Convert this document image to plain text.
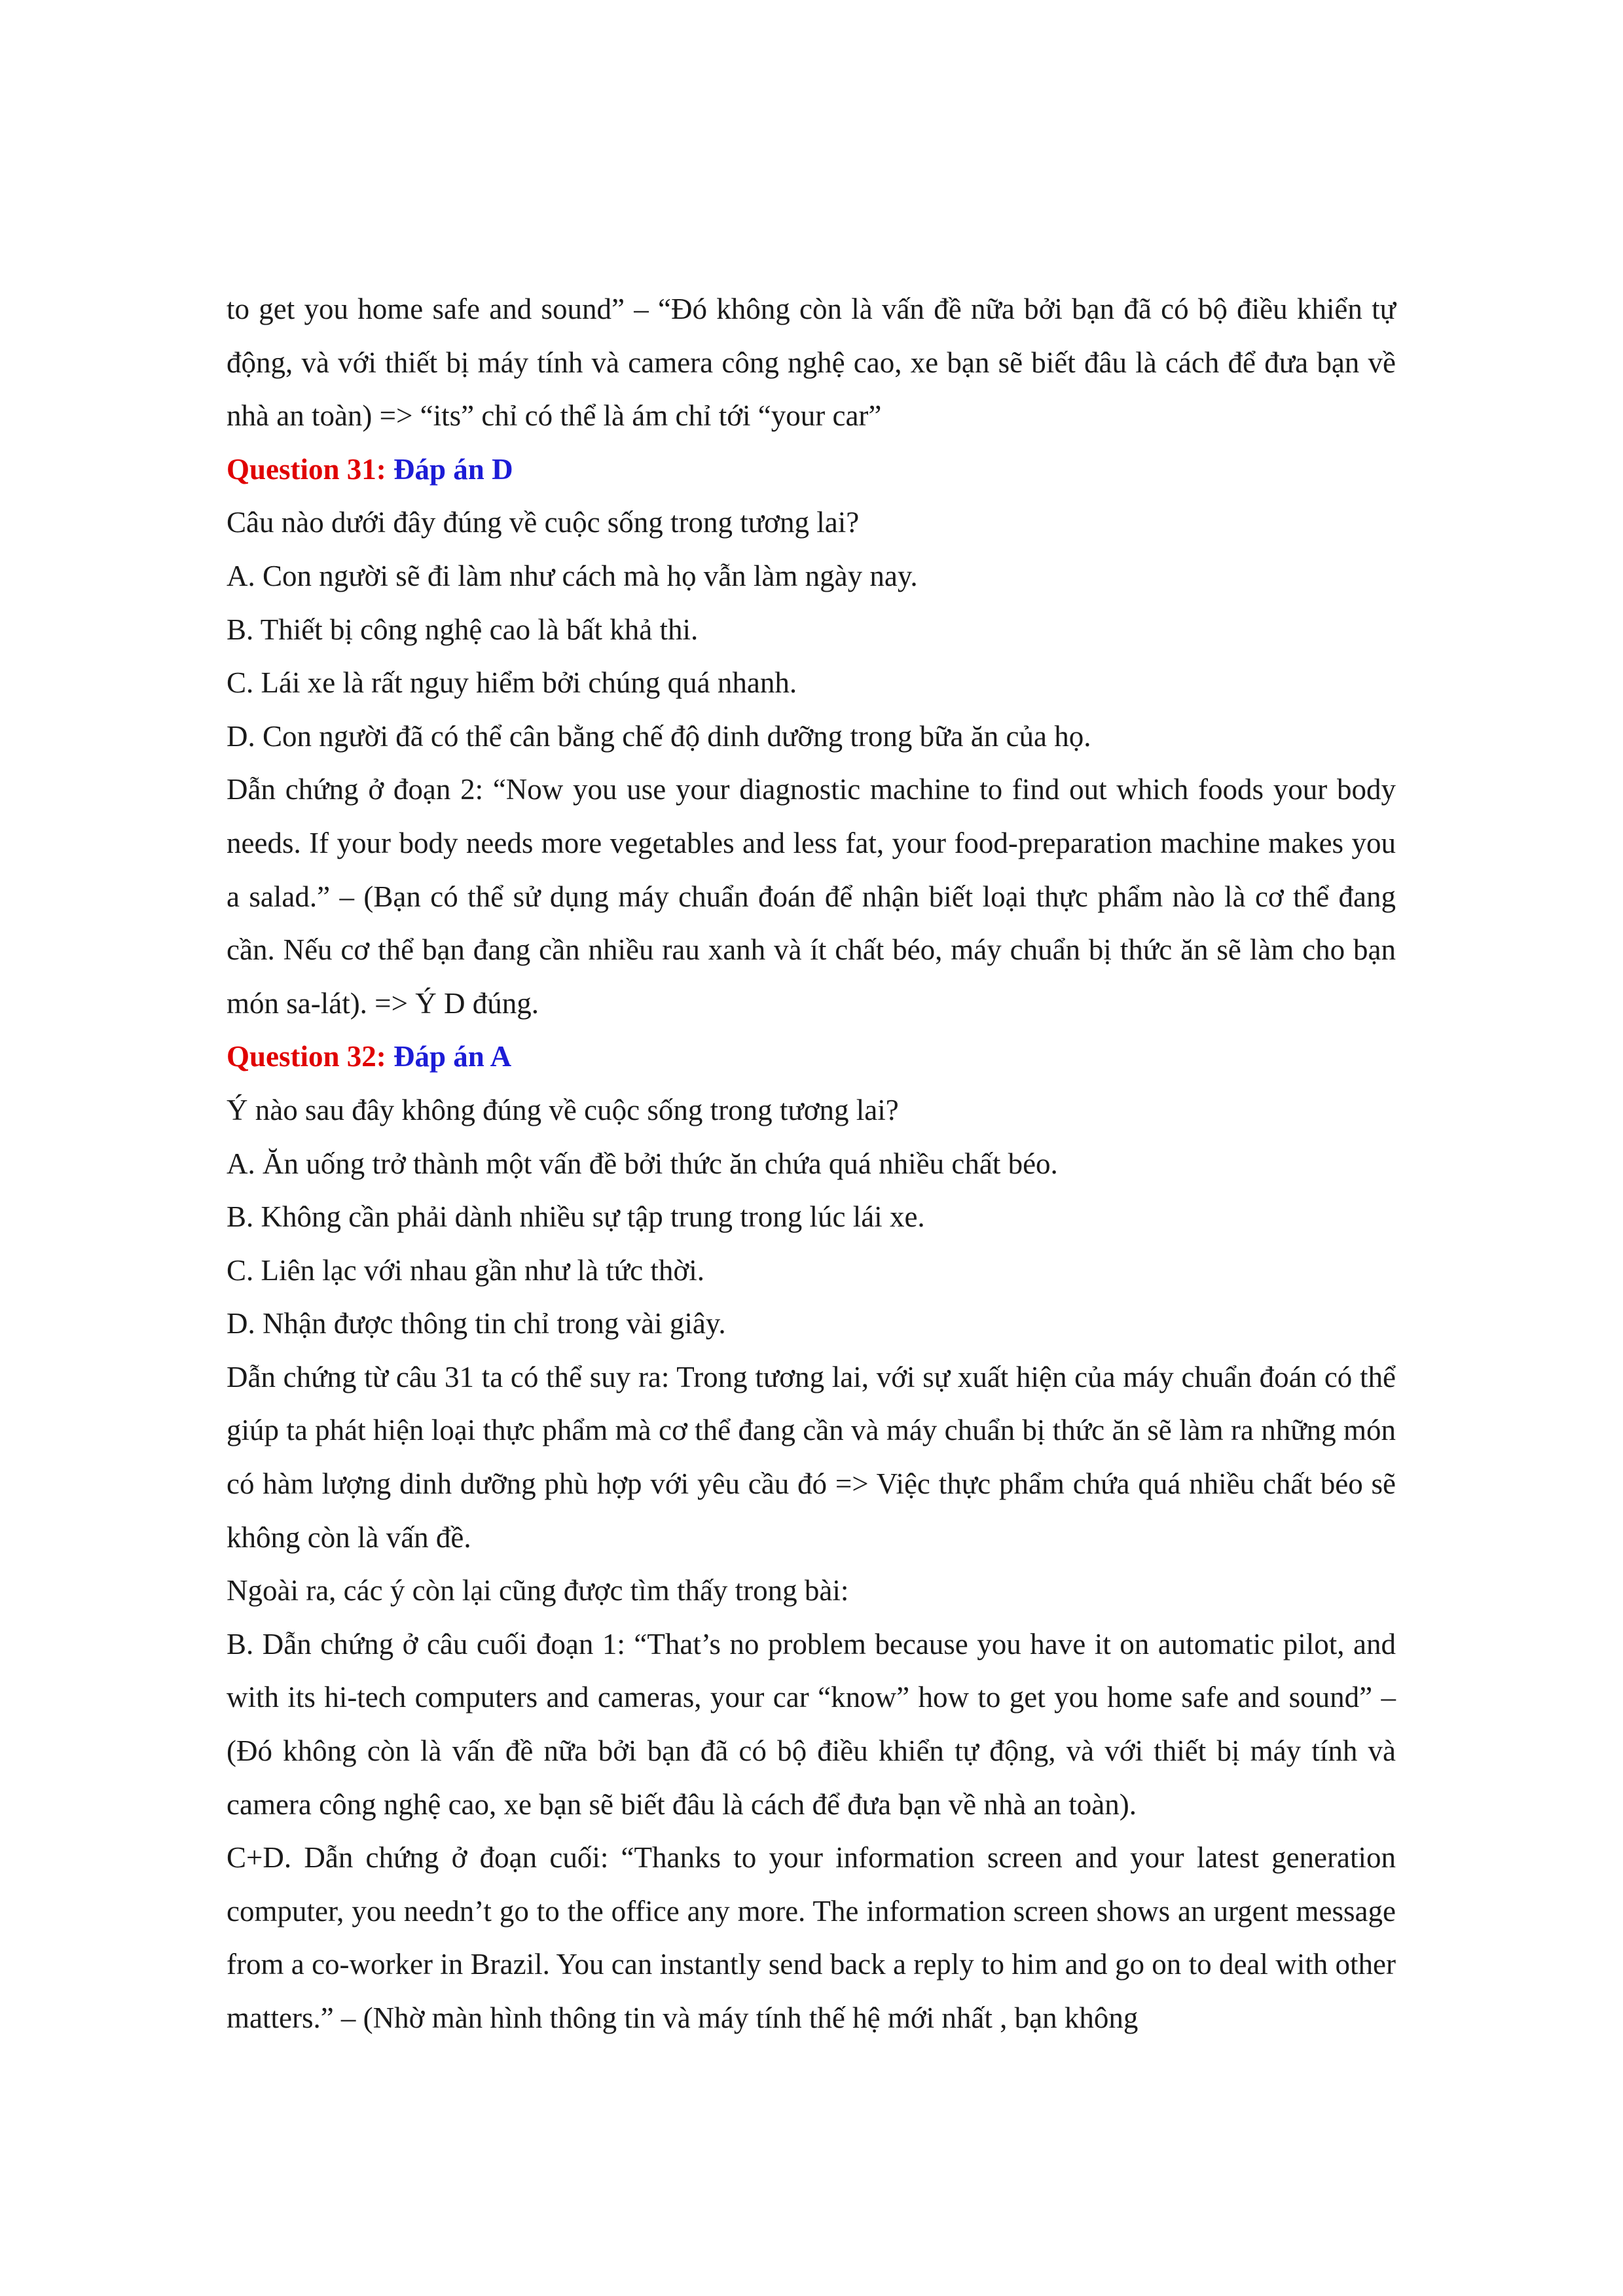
to get you home safe and sound” – “Đó không còn là vấn đề nữa bởi bạn đã có bộ điều khiển tự động, và với thiết bị máy tính và camera công nghệ cao, xe bạn sẽ biết đâu là cách để đưa bạn về nhà an toàn) => “its” chỉ có thể là ám chỉ tới “your car”

Question 31: Đáp án D

Câu nào dưới đây đúng về cuộc sống trong tương lai?

A. Con người sẽ đi làm như cách mà họ vẫn làm ngày nay.

B. Thiết bị công nghệ cao là bất khả thi.

C. Lái xe là rất nguy hiểm bởi chúng quá nhanh.

D. Con người đã có thể cân bằng chế độ dinh dưỡng trong bữa ăn của họ.

Dẫn chứng ở đoạn 2: “Now you use your diagnostic machine to find out which foods your body needs. If your body needs more vegetables and less fat, your food-preparation machine makes you a salad.” – (Bạn có thể sử dụng máy chuẩn đoán để nhận biết loại thực phẩm nào là cơ thể đang cần. Nếu cơ thể bạn đang cần nhiều rau xanh và ít chất béo, máy chuẩn bị thức ăn sẽ làm cho bạn món sa-lát). => Ý D đúng.

Question 32: Đáp án A

Ý nào sau đây không đúng về cuộc sống trong tương lai?

A. Ăn uống trở thành một vấn đề bởi thức ăn chứa quá nhiều chất béo.

B. Không cần phải dành nhiều sự tập trung trong lúc lái xe.

C. Liên lạc với nhau gần như là tức thời.

D. Nhận được thông tin chỉ trong vài giây.

Dẫn chứng từ câu 31 ta có thể suy ra: Trong tương lai, với sự xuất hiện của máy chuẩn đoán có thể giúp ta phát hiện loại thực phẩm mà cơ thể đang cần và máy chuẩn bị thức ăn sẽ làm ra những món có hàm lượng dinh dưỡng phù hợp với yêu cầu đó => Việc thực phẩm chứa quá nhiều chất béo sẽ không còn là vấn đề.

Ngoài ra, các ý còn lại cũng được tìm thấy trong bài:

B. Dẫn chứng ở câu cuối đoạn 1: “That’s no problem because you have it on automatic pilot, and with its hi-tech computers and cameras, your car “know” how to get you home safe and sound” – (Đó không còn là vấn đề nữa bởi bạn đã có bộ điều khiển tự động, và với thiết bị máy tính và camera công nghệ cao, xe bạn sẽ biết đâu là cách để đưa bạn về nhà an toàn).

C+D. Dẫn chứng ở đoạn cuối: “Thanks to your information screen and your latest generation computer, you needn’t go to the office any more. The information screen shows an urgent message from a co-worker in Brazil. You can instantly send back a reply to him and go on to deal with other matters.” – (Nhờ màn hình thông tin và máy tính thế hệ mới nhất , bạn không
